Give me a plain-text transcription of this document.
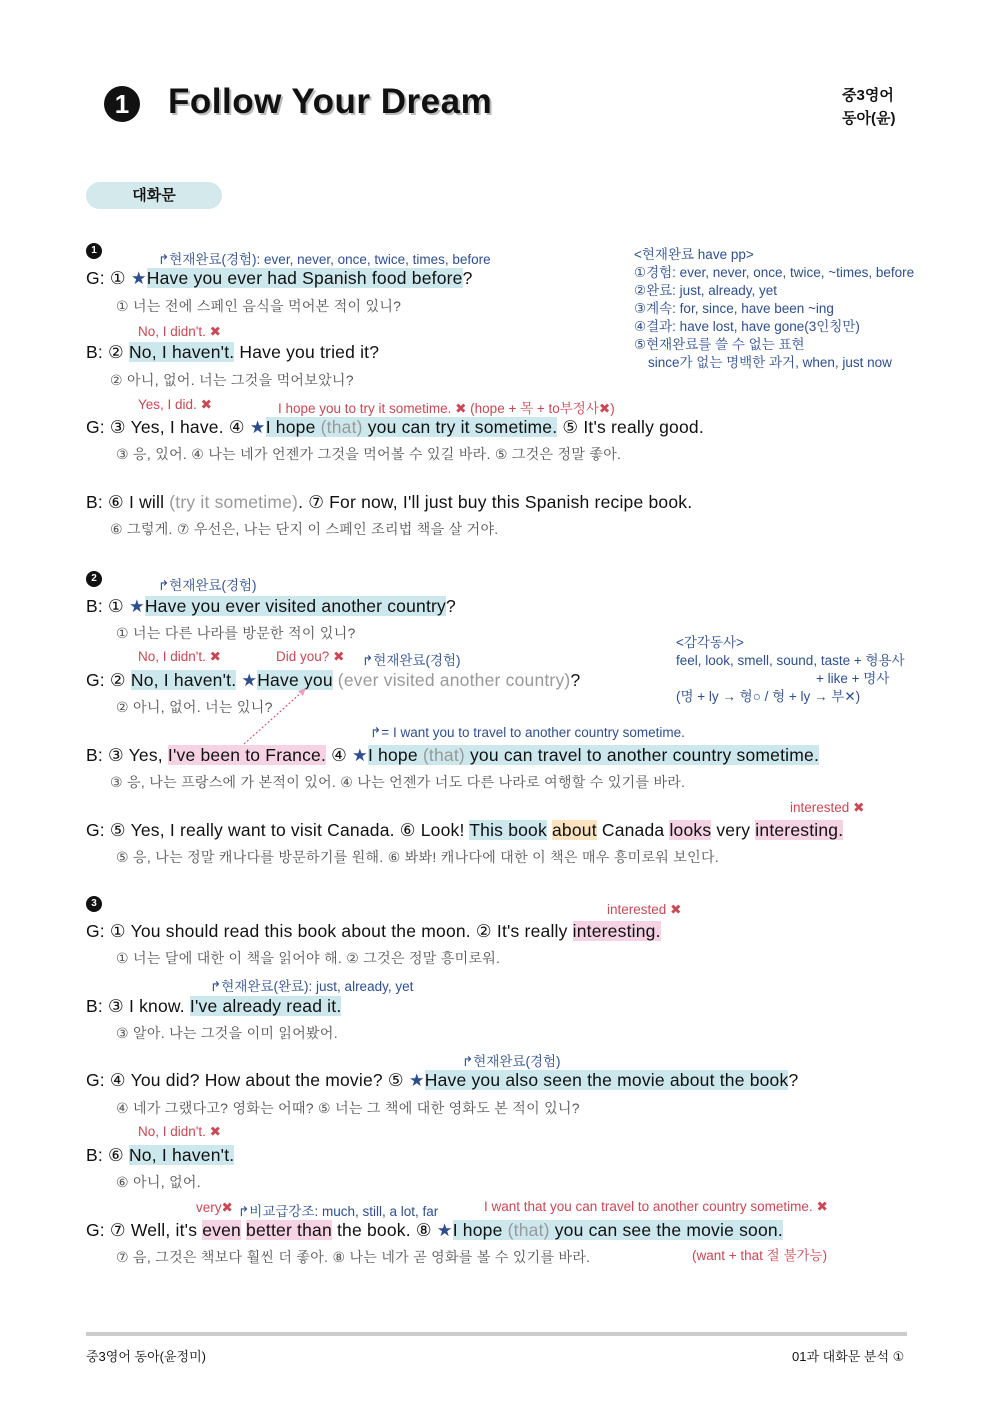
1	Follow Your Dream	중3영어
동아(윤)
대화문
1
↱현재완료(경험): ever, never, once, twice, times, before
G: ① ★Have you ever had Spanish food before?
① 너는 전에 스페인 음식을 먹어본 적이 있니?
No, I didn't. ✖
B: ② No, I haven't. Have you tried it?
② 아니, 없어. 너는 그것을 먹어보았니?
Yes, I did. ✖	I hope you to try it sometime. ✖ (hope + 목 + to부정사✖)
G: ③ Yes, I have. ④ ★I hope (that) you can try it sometime. ⑤ It's really good.
③ 응, 있어. ④ 나는 네가 언젠가 그것을 먹어볼 수 있길 바라. ⑤ 그것은 정말 좋아.
B: ⑥ I will (try it sometime). ⑦ For now, I'll just buy this Spanish recipe book.
⑥ 그렇게. ⑦ 우선은, 나는 단지 이 스페인 조리법 책을 살 거야.
<현재완료 have pp>
①경험: ever, never, once, twice, ~times, before
②완료: just, already, yet
③계속: for, since, have been ~ing
④결과: have lost, have gone(3인칭만)
⑤현재완료를 쓸 수 없는 표현
since가 없는 명백한 과거, when, just now
2	↱현재완료(경험)
B: ① ★Have you ever visited another country?
① 너는 다른 나라를 방문한 적이 있니?
No, I didn't. ✖	Did you? ✖ ↱현재완료(경험)
G: ② No, I haven't. ★Have you (ever visited another country)?
② 아니, 없어. 너는 있니?
↱= I want you to travel to another country sometime.
B: ③ Yes, I've been to France. ④ ★I hope (that) you can travel to another country sometime.
③ 응, 나는 프랑스에 가 본적이 있어. ④ 나는 언젠가 너도 다른 나라로 여행할 수 있기를 바라.
interested ✖
G: ⑤ Yes, I really want to visit Canada. ⑥ Look! This book about Canada looks very interesting.
⑤ 응, 나는 정말 캐나다를 방문하기를 원해. ⑥ 봐봐! 캐나다에 대한 이 책은 매우 흥미로워 보인다.
<감각동사>
feel, look, smell, sound, taste + 형용사
+ like + 명사
(명 + ly → 형○ / 형 + ly → 부✕)
3	interested ✖
G: ① You should read this book about the moon. ② It's really interesting.
① 너는 달에 대한 이 책을 읽어야 해. ② 그것은 정말 흥미로워.
↱현재완료(완료): just, already, yet
B: ③ I know. I've already read it.
③ 알아. 나는 그것을 이미 읽어봤어.
↱현재완료(경험)
G: ④ You did? How about the movie? ⑤ ★Have you also seen the movie about the book?
④ 네가 그랬다고? 영화는 어때? ⑤ 너는 그 책에 대한 영화도 본 적이 있니?
No, I didn't. ✖
B: ⑥ No, I haven't.
⑥ 아니, 없어.
very✖ ↱비교급강조: much, still, a lot, far	I want that you can travel to another country sometime. ✖
G: ⑦ Well, it's even better than the book. ⑧ ★I hope (that) you can see the movie soon.
⑦ 음, 그것은 책보다 훨씬 더 좋아. ⑧ 나는 네가 곧 영화를 볼 수 있기를 바라.	(want + that 절 불가능)
중3영어 동아(윤정미)	01과 대화문 분석 ①
